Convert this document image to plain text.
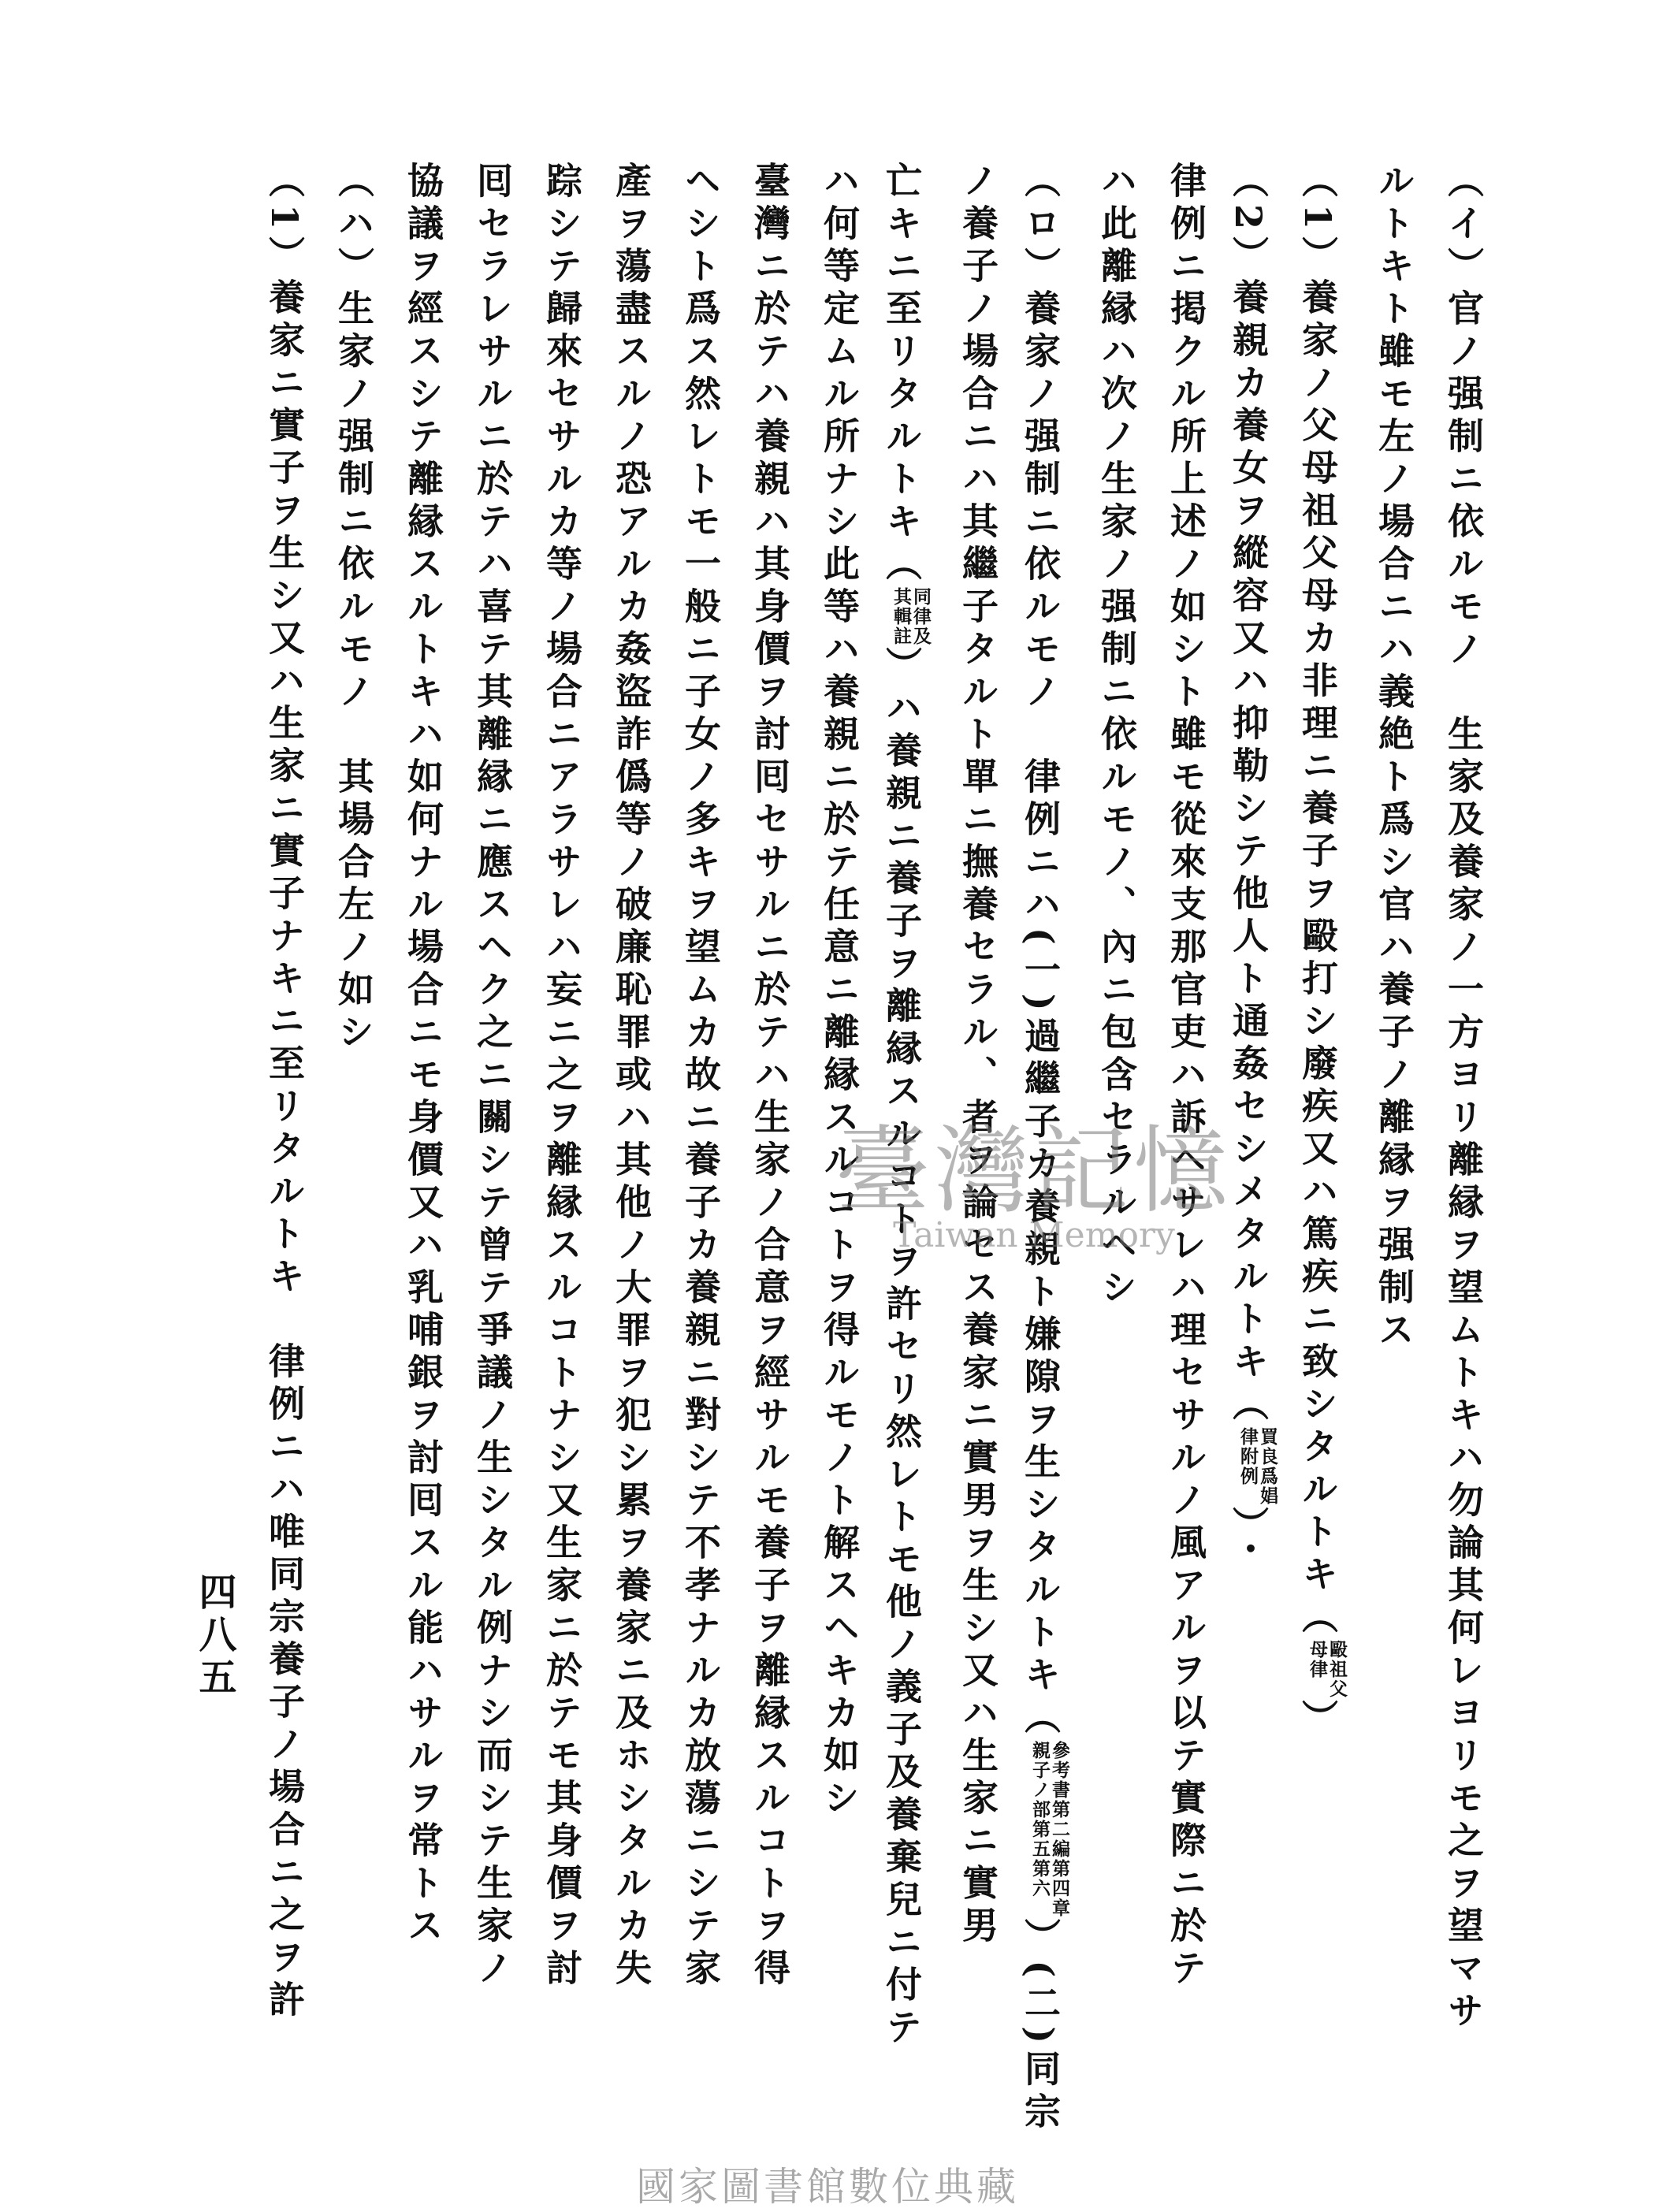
（イ）官ノ强制ニ依ルモノ　生家及養家ノ一方ヨリ離縁ヲ望ムトキハ勿論其何レヨリモ之ヲ望マサ
ルトキト雖モ左ノ場合ニハ義絶ト爲シ官ハ養子ノ離縁ヲ强制ス
（1）養家ノ父母祖父母カ非理ニ養子ヲ毆打シ廢疾又ハ篤疾ニ致シタルトキ（
毆祖父
母律
）
（2）養親カ養女ヲ縱容又ハ抑勒シテ他人ト通姦セシメタルトキ（
買良爲娼
律附例
）・
律例ニ掲クル所上述ノ如シト雖モ從來支那官吏ハ訴ヘサレハ理セサルノ風アルヲ以テ實際ニ於テ
ハ此離縁ハ次ノ生家ノ强制ニ依ルモノ、內ニ包含セラルヘシ
（ロ）養家ノ强制ニ依ルモノ　律例ニハ(一)過繼子カ養親ト嫌隙ヲ生シタルトキ（
參考書第二編第四章
親子ノ部第五第六
）(二)同宗
ノ養子ノ場合ニハ其繼子タルト單ニ撫養セラル、者ヲ論セス養家ニ實男ヲ生シ又ハ生家ニ實男
亡キニ至リタルトキ（
同律及
其輯註
）ハ養親ニ養子ヲ離縁スルコトヲ許セリ然レトモ他ノ義子及養棄兒ニ付テ
ハ何等定ムル所ナシ此等ハ養親ニ於テ任意ニ離縁スルコトヲ得ルモノト解スヘキカ如シ
臺灣ニ於テハ養親ハ其身價ヲ討囘セサルニ於テハ生家ノ合意ヲ經サルモ養子ヲ離縁スルコトヲ得
ヘシト爲ス然レトモ一般ニ子女ノ多キヲ望ムカ故ニ養子カ養親ニ對シテ不孝ナルカ放蕩ニシテ家
產ヲ蕩盡スルノ恐アルカ姦盜詐僞等ノ破廉恥罪或ハ其他ノ大罪ヲ犯シ累ヲ養家ニ及ホシタルカ失
踪シテ歸來セサルカ等ノ場合ニアラサレハ妄ニ之ヲ離縁スルコトナシ又生家ニ於テモ其身價ヲ討
囘セラレサルニ於テハ喜テ其離縁ニ應スヘク之ニ關シテ曾テ爭議ノ生シタル例ナシ而シテ生家ノ
協議ヲ經スシテ離縁スルトキハ如何ナル場合ニモ身價又ハ乳哺銀ヲ討囘スル能ハサルヲ常トス
（ハ）生家ノ强制ニ依ルモノ　其場合左ノ如シ
（1）養家ニ實子ヲ生シ又ハ生家ニ實子ナキニ至リタルトキ　律例ニハ唯同宗養子ノ場合ニ之ヲ許
四八五
臺灣記憶
Taiwan Memory
國家圖書館數位典藏
